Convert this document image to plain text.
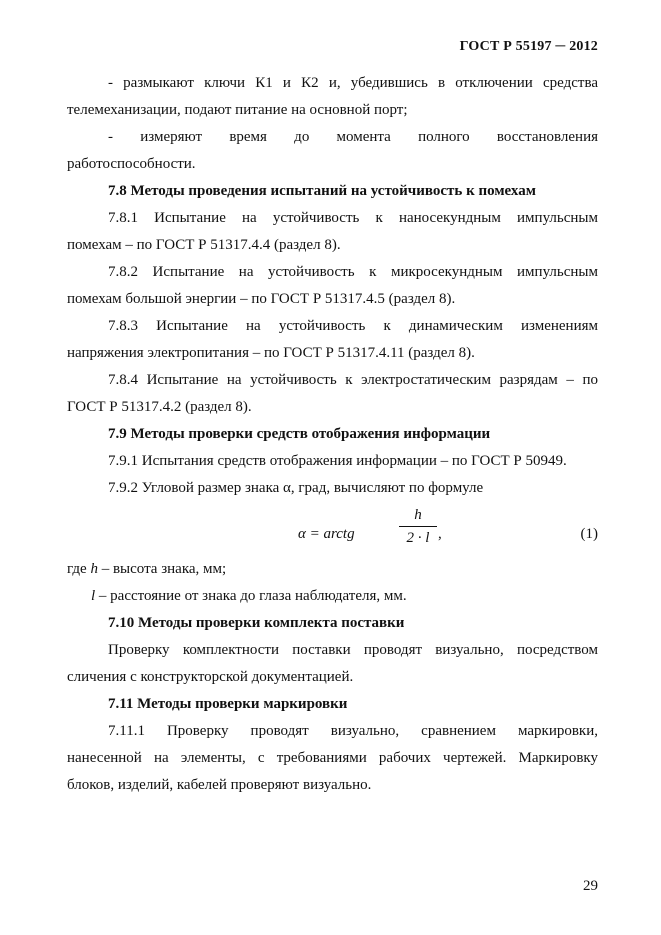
ГОСТ Р 55197 ─ 2012

- размыкают ключи К1 и К2 и, убедившись в отключении средства

телемеханизации, подают питание на основной порт;

- измеряют время до момента полного восстановления

работоспособности.

7.8 Методы проведения испытаний на устойчивость к помехам

7.8.1 Испытание на устойчивость к наносекундным импульсным

помехам – по ГОСТ Р 51317.4.4 (раздел 8).

7.8.2 Испытание на устойчивость к микросекундным импульсным

помехам большой энергии – по ГОСТ Р 51317.4.5 (раздел 8).

7.8.3 Испытание на устойчивость к динамическим изменениям

напряжения электропитания – по ГОСТ Р 51317.4.11 (раздел 8).

7.8.4 Испытание на устойчивость к электростатическим разрядам – по

ГОСТ Р 51317.4.2 (раздел 8).

7.9 Методы проверки средств отображения информации

7.9.1 Испытания средств отображения информации – по ГОСТ Р 50949.

7.9.2 Угловой размер знака α, град, вычисляют по формуле

α = arctg
h
2 · l ,	(1)

где h – высота знака, мм;

l – расстояние от знака до глаза наблюдателя, мм.

7.10 Методы проверки комплекта поставки

Проверку комплектности поставки проводят визуально, посредством

сличения с конструкторской документацией.

7.11 Методы проверки маркировки

7.11.1 Проверку проводят визуально, сравнением маркировки,

нанесенной на элементы, с требованиями рабочих чертежей. Маркировку

блоков, изделий, кабелей проверяют визуально.

29
